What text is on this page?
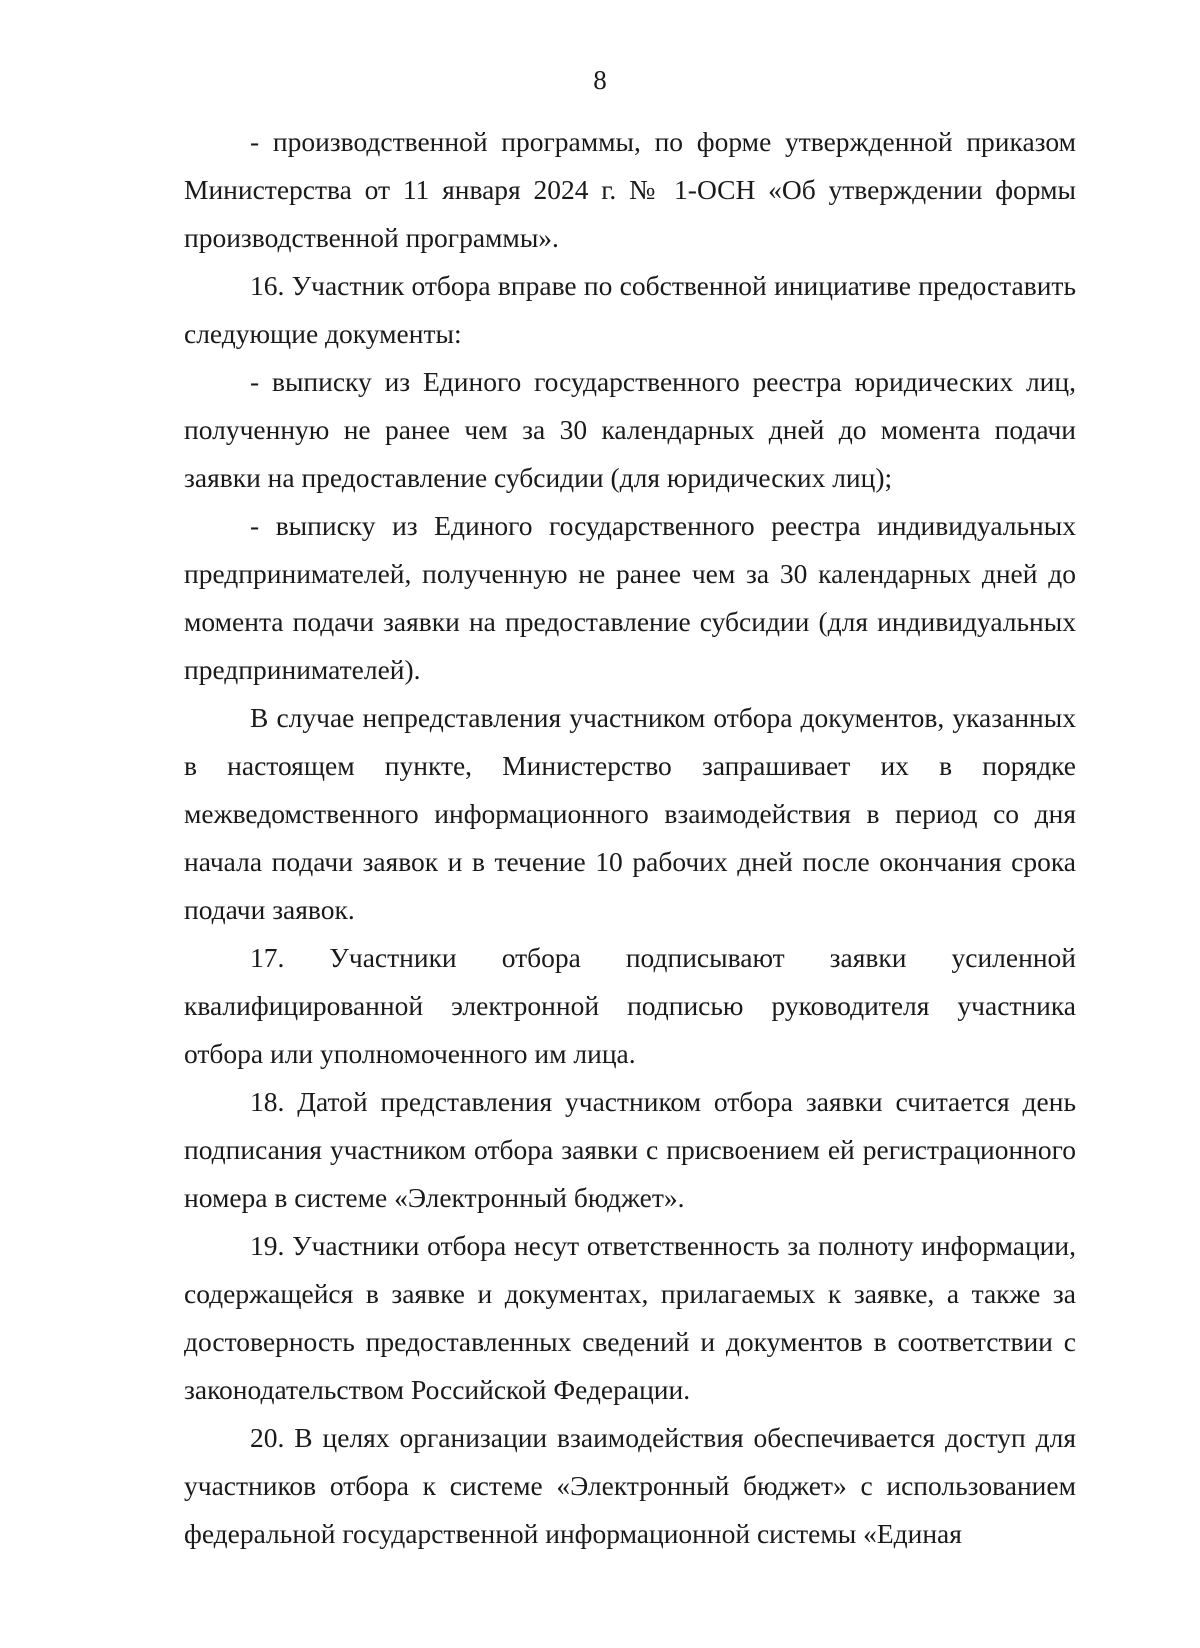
8

- производственной программы, по форме утвержденной приказом Министерства от 11 января 2024 г. № 1-ОСН «Об утверждении формы производственной программы».

16. Участник отбора вправе по собственной инициативе предоставить следующие документы:

- выписку из Единого государственного реестра юридических лиц, полученную не ранее чем за 30 календарных дней до момента подачи заявки на предоставление субсидии (для юридических лиц);

- выписку из Единого государственного реестра индивидуальных предпринимателей, полученную не ранее чем за 30 календарных дней до момента подачи заявки на предоставление субсидии (для индивидуальных предпринимателей).

В случае непредставления участником отбора документов, указанных в настоящем пункте, Министерство запрашивает их в порядке межведомственного информационного взаимодействия в период со дня начала подачи заявок и в течение 10 рабочих дней после окончания срока подачи заявок.

17. Участники отбора подписывают заявки усиленной квалифицированной электронной подписью руководителя участника отбора или уполномоченного им лица.

18. Датой представления участником отбора заявки считается день подписания участником отбора заявки с присвоением ей регистрационного номера в системе «Электронный бюджет».

19. Участники отбора несут ответственность за полноту информации, содержащейся в заявке и документах, прилагаемых к заявке, а также за достоверность предоставленных сведений и документов в соответствии с законодательством Российской Федерации.

20. В целях организации взаимодействия обеспечивается доступ для участников отбора к системе «Электронный бюджет» с использованием федеральной государственной информационной системы «Единая
